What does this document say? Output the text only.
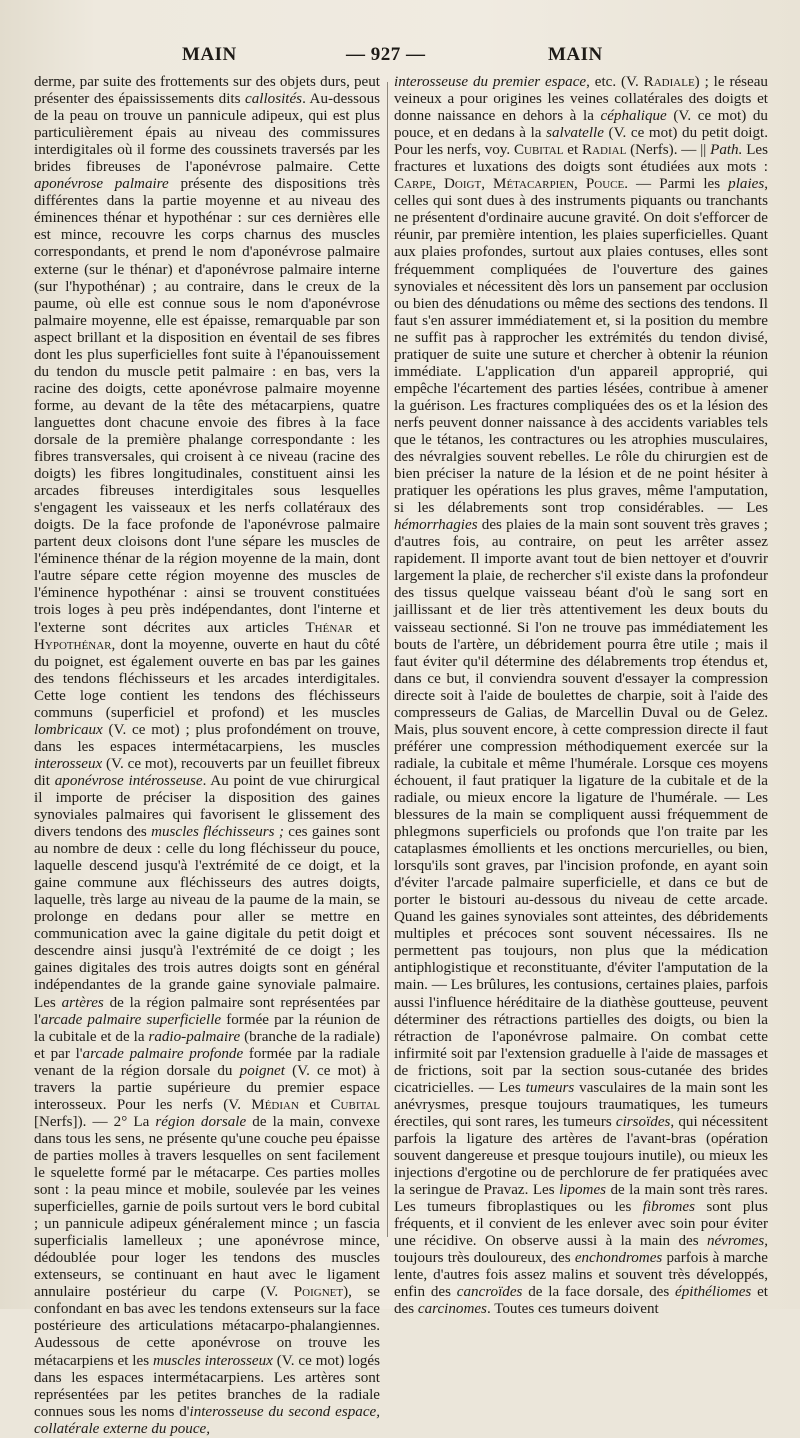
MAIN	— 927 —	MAIN

derme, par suite des frottements sur des objets durs, peut présenter des épaississements dits callosités. Au-dessous de la peau on trouve un pannicule adipeux, qui est plus particulièrement épais au niveau des commissures interdigitales où il forme des coussinets traversés par les brides fibreuses de l'aponévrose palmaire. Cette aponévrose palmaire présente des dispositions très différentes dans la partie moyenne et au niveau des éminences thénar et hypothénar : sur ces dernières elle est mince, recouvre les corps charnus des muscles correspondants, et prend le nom d'aponévrose palmaire externe (sur le thénar) et d'aponévrose palmaire interne (sur l'hypothénar) ; au contraire, dans le creux de la paume, où elle est connue sous le nom d'aponévrose palmaire moyenne, elle est épaisse, remarquable par son aspect brillant et la disposition en éventail de ses fibres dont les plus superficielles font suite à l'épanouissement du tendon du muscle petit palmaire : en bas, vers la racine des doigts, cette aponévrose palmaire moyenne forme, au devant de la tête des métacarpiens, quatre languettes dont chacune envoie des fibres à la face dorsale de la première phalange correspondante : les fibres transversales, qui croisent à ce niveau (racine des doigts) les fibres longitudinales, constituent ainsi les arcades fibreuses interdigitales sous lesquelles s'engagent les vaisseaux et les nerfs collatéraux des doigts. De la face profonde de l'aponévrose palmaire partent deux cloisons dont l'une sépare les muscles de l'éminence thénar de la région moyenne de la main, dont l'autre sépare cette région moyenne des muscles de l'éminence hypothénar : ainsi se trouvent constituées trois loges à peu près indépendantes, dont l'interne et l'externe sont décrites aux articles Thénar et Hypothénar, dont la moyenne, ouverte en haut du côté du poignet, est également ouverte en bas par les gaines des tendons fléchisseurs et les arcades interdigitales. Cette loge contient les tendons des fléchisseurs communs (superficiel et profond) et les muscles lombricaux (V. ce mot) ; plus profondément on trouve, dans les espaces intermétacarpiens, les muscles interosseux (V. ce mot), recouverts par un feuillet fibreux dit aponévrose intérosseuse. Au point de vue chirurgical il importe de préciser la disposition des gaines synoviales palmaires qui favorisent le glissement des divers tendons des muscles fléchisseurs ; ces gaines sont au nombre de deux : celle du long fléchisseur du pouce, laquelle descend jusqu'à l'extrémité de ce doigt, et la gaine commune aux fléchisseurs des autres doigts, laquelle, très large au niveau de la paume de la main, se prolonge en dedans pour aller se mettre en communication avec la gaine digitale du petit doigt et descendre ainsi jusqu'à l'extrémité de ce doigt ; les gaines digitales des trois autres doigts sont en général indépendantes de la grande gaine synoviale palmaire. Les artères de la région palmaire sont représentées par l'arcade palmaire superficielle formée par la réunion de la cubitale et de la radio-palmaire (branche de la radiale) et par l'arcade palmaire profonde formée par la radiale venant de la région dorsale du poignet (V. ce mot) à travers la partie supérieure du premier espace interosseux. Pour les nerfs (V. Médian et Cubital [Nerfs]). — 2° La région dorsale de la main, convexe dans tous les sens, ne présente qu'une couche peu épaisse de parties molles à travers lesquelles on sent facilement le squelette formé par le métacarpe. Ces parties molles sont : la peau mince et mobile, soulevée par les veines superficielles, garnie de poils surtout vers le bord cubital ; un pannicule adipeux généralement mince ; un fascia superficialis lamelleux ; une aponévrose mince, dédoublée pour loger les tendons des muscles extenseurs, se continuant en haut avec le ligament annulaire postérieur du carpe (V. Poignet), se confondant en bas avec les tendons extenseurs sur la face postérieure des articulations métacarpo-phalangiennes. Audessous de cette aponévrose on trouve les métacarpiens et les muscles interosseux (V. ce mot) logés dans les espaces intermétacarpiens. Les artères sont représentées par les petites branches de la radiale connues sous les noms d'interosseuse du second espace, collatérale externe du pouce,

interosseuse du premier espace, etc. (V. Radiale) ; le réseau veineux a pour origines les veines collatérales des doigts et donne naissance en dehors à la céphalique (V. ce mot) du pouce, et en dedans à la salvatelle (V. ce mot) du petit doigt. Pour les nerfs, voy. Cubital et Radial (Nerfs). — || Path. Les fractures et luxations des doigts sont étudiées aux mots : Carpe, Doigt, Métacarpien, Pouce. — Parmi les plaies, celles qui sont dues à des instruments piquants ou tranchants ne présentent d'ordinaire aucune gravité. On doit s'efforcer de réunir, par première intention, les plaies superficielles. Quant aux plaies profondes, surtout aux plaies contuses, elles sont fréquemment compliquées de l'ouverture des gaines synoviales et nécessitent dès lors un pansement par occlusion ou bien des dénudations ou même des sections des tendons. Il faut s'en assurer immédiatement et, si la position du membre ne suffit pas à rapprocher les extrémités du tendon divisé, pratiquer de suite une suture et chercher à obtenir la réunion immédiate. L'application d'un appareil approprié, qui empêche l'écartement des parties lésées, contribue à amener la guérison. Les fractures compliquées des os et la lésion des nerfs peuvent donner naissance à des accidents variables tels que le tétanos, les contractures ou les atrophies musculaires, des névralgies souvent rebelles. Le rôle du chirurgien est de bien préciser la nature de la lésion et de ne point hésiter à pratiquer les opérations les plus graves, même l'amputation, si les délabrements sont trop considérables. — Les hémorrhagies des plaies de la main sont souvent très graves ; d'autres fois, au contraire, on peut les arrêter assez rapidement. Il importe avant tout de bien nettoyer et d'ouvrir largement la plaie, de rechercher s'il existe dans la profondeur des tissus quelque vaisseau béant d'où le sang sort en jaillissant et de lier très attentivement les deux bouts du vaisseau sectionné. Si l'on ne trouve pas immédiatement les bouts de l'artère, un débridement pourra être utile ; mais il faut éviter qu'il détermine des délabrements trop étendus et, dans ce but, il conviendra souvent d'essayer la compression directe soit à l'aide de boulettes de charpie, soit à l'aide des compresseurs de Galias, de Marcellin Duval ou de Gelez. Mais, plus souvent encore, à cette compression directe il faut préférer une compression méthodiquement exercée sur la radiale, la cubitale et même l'humérale. Lorsque ces moyens échouent, il faut pratiquer la ligature de la cubitale et de la radiale, ou mieux encore la ligature de l'humérale. — Les blessures de la main se compliquent aussi fréquemment de phlegmons superficiels ou profonds que l'on traite par les cataplasmes émollients et les onctions mercurielles, ou bien, lorsqu'ils sont graves, par l'incision profonde, en ayant soin d'éviter l'arcade palmaire superficielle, et dans ce but de porter le bistouri au-dessous du niveau de cette arcade. Quand les gaines synoviales sont atteintes, des débridements multiples et précoces sont souvent nécessaires. Ils ne permettent pas toujours, non plus que la médication antiphlogistique et reconstituante, d'éviter l'amputation de la main. — Les brûlures, les contusions, certaines plaies, parfois aussi l'influence héréditaire de la diathèse goutteuse, peuvent déterminer des rétractions partielles des doigts, ou bien la rétraction de l'aponévrose palmaire. On combat cette infirmité soit par l'extension graduelle à l'aide de massages et de frictions, soit par la section sous-cutanée des brides cicatricielles. — Les tumeurs vasculaires de la main sont les anévrysmes, presque toujours traumatiques, les tumeurs érectiles, qui sont rares, les tumeurs cirsoïdes, qui nécessitent parfois la ligature des artères de l'avant-bras (opération souvent dangereuse et presque toujours inutile), ou mieux les injections d'ergotine ou de perchlorure de fer pratiquées avec la seringue de Pravaz. Les lipomes de la main sont très rares. Les tumeurs fibroplastiques ou les fibromes sont plus fréquents, et il convient de les enlever avec soin pour éviter une récidive. On observe aussi à la main des névromes, toujours très douloureux, des enchondromes parfois à marche lente, d'autres fois assez malins et souvent très développés, enfin des cancroïdes de la face dorsale, des épithéliomes et des carcinomes. Toutes ces tumeurs doivent
